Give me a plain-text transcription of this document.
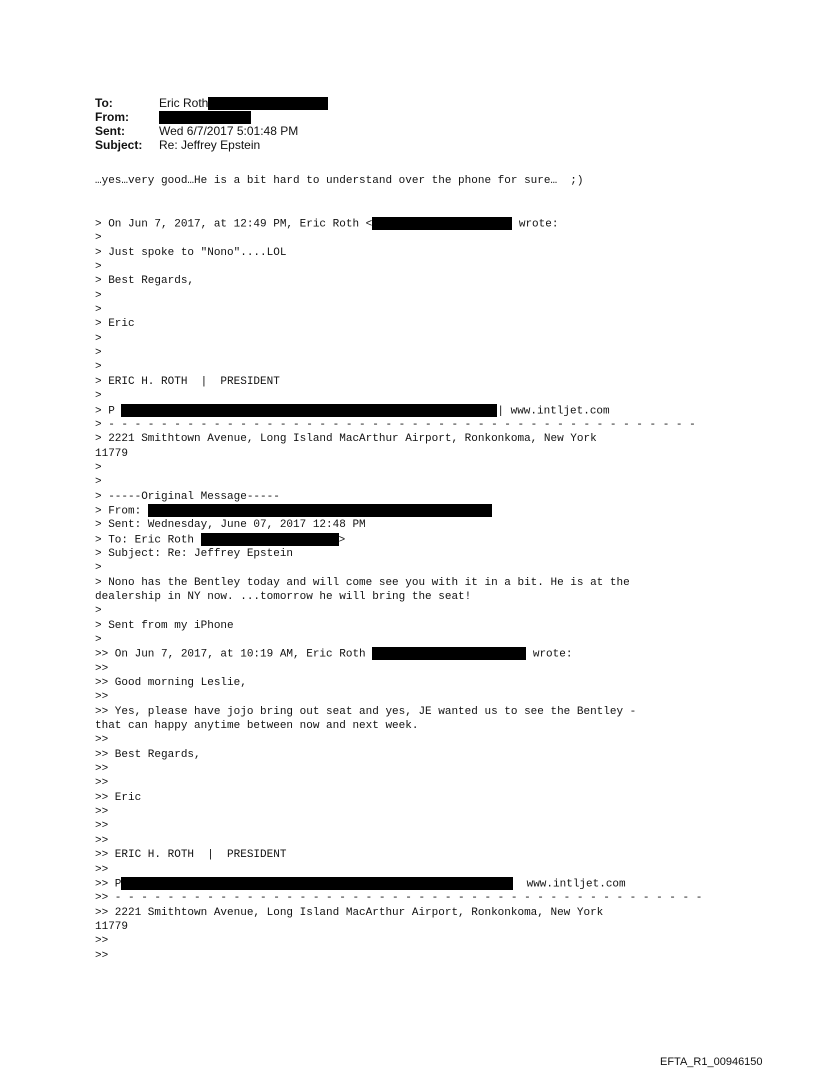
To:	Eric Roth
From:
Sent:	Wed 6/7/2017 5:01:48 PM
Subject:	Re: Jeffrey Epstein
…yes…very good…He is a bit hard to understand over the phone for sure…  ;)
> On Jun 7, 2017, at 12:49 PM, Eric Roth <	wrote:
>
> Just spoke to "Nono"....LOL
>
> Best Regards,
>
>
> Eric
>
>
>
> ERIC H. ROTH  |  PRESIDENT
>
> P	| www.intljet.com
> - - - - - - - - - - - - - - - - - - - - - - - - - - - - - - - - - - - - - - - - - - - - -
> 2221 Smithtown Avenue, Long Island MacArthur Airport, Ronkonkoma, New York
11779
>
>
> -----Original Message-----
> From:
> Sent: Wednesday, June 07, 2017 12:48 PM
> To: Eric Roth	>
> Subject: Re: Jeffrey Epstein
>
> Nono has the Bentley today and will come see you with it in a bit. He is at the
dealership in NY now. ...tomorrow he will bring the seat!
>
> Sent from my iPhone
>
>> On Jun 7, 2017, at 10:19 AM, Eric Roth	wrote:
>>
>> Good morning Leslie,
>>
>> Yes, please have jojo bring out seat and yes, JE wanted us to see the Bentley -
that can happy anytime between now and next week.
>>
>> Best Regards,
>>
>>
>> Eric
>>
>>
>>
>> ERIC H. ROTH  |  PRESIDENT
>>
>> P	www.intljet.com
>> - - - - - - - - - - - - - - - - - - - - - - - - - - - - - - - - - - - - - - - - - - - - -
>> 2221 Smithtown Avenue, Long Island MacArthur Airport, Ronkonkoma, New York
11779
>>
>>
EFTA_R1_00946150
